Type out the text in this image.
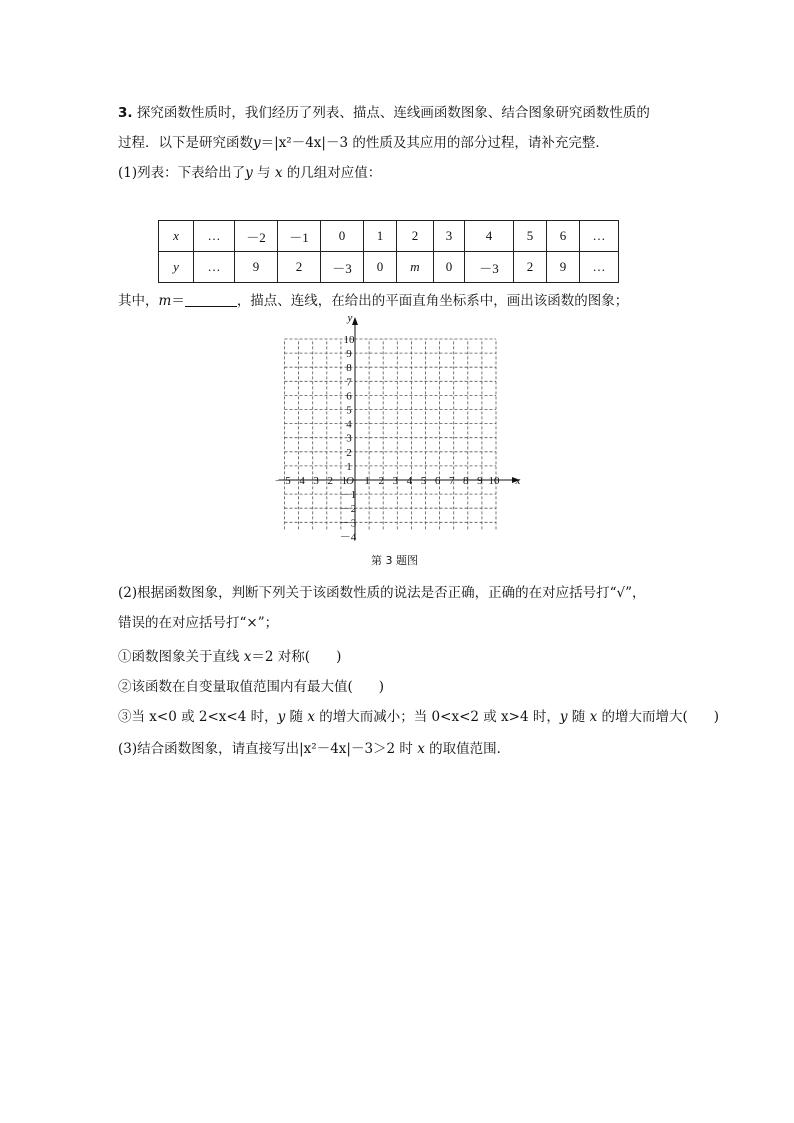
3. 探究函数性质时，我们经历了列表、描点、连线画函数图象、结合图象研究函数性质的
过程．以下是研究函数y＝|x²－4x|－3 的性质及其应用的部分过程，请补充完整．
(1)列表：下表给出了y 与 x 的几组对应值：
x	…	－2	－1	0	1	2	3	4	5	6	…
y	…	9	2	－3	0	m	0	－3	2	9	…
其中，m＝	，描点、连线，在给出的平面直角坐标系中，画出该函数的图象；
x
y
O 1 2 3 4 5 6 7 8 9 10
－5
－4
－3
－2
－1
1
2
3
4
5
6
7
8
9
10
－1
－2
－3
－4
第 3 题图
(2)根据函数图象，判断下列关于该函数性质的说法是否正确，正确的在对应括号打“√”，
错误的在对应括号打“×”；
①函数图象关于直线 x＝2 对称( )
②该函数在自变量取值范围内有最大值( )
③当 x<0 或 2<x<4 时，y 随 x 的增大而减小；当 0<x<2 或 x>4 时，y 随 x 的增大而增大( )
(3)结合函数图象，请直接写出|x²－4x|－3＞2 时 x 的取值范围．
